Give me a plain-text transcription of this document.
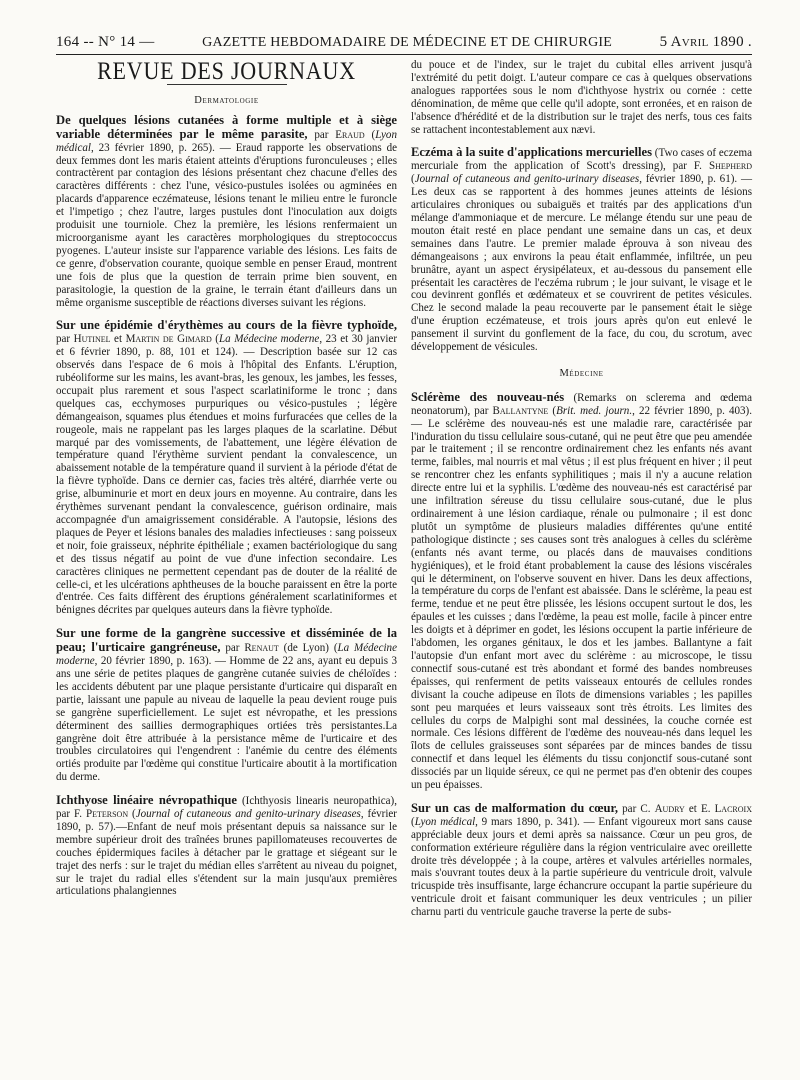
164 -- N° 14 —	GAZETTE HEBDOMADAIRE DE MÉDECINE ET DE CHIRURGIE	5 Avril 1890 .
REVUE DES JOURNAUX
Dermatologie

De quelques lésions cutanées à forme multiple et à siège variable déterminées par le même parasite, par Eraud (Lyon médical, 23 février 1890, p. 265). — Eraud rapporte les observations de deux femmes dont les maris étaient atteints d'éruptions furonculeuses ; elles contractèrent par contagion des lésions présentant chez chacune d'elles des caractères différents : chez l'une, vésico-pustules isolées ou agminées en placards d'apparence eczémateuse, lésions tenant le milieu entre le furoncle et l'impetigo ; chez l'autre, larges pustules dont l'inoculation aux doigts produisit une tourniole. Chez la première, les lésions renfermaient un microorganisme ayant les caractères morphologiques du streptococcus pyogenes. L'auteur insiste sur l'apparence variable des lésions. Les faits de ce genre, d'observation courante, quoique semble en penser Eraud, montrent une fois de plus que la question de terrain prime bien souvent, en parasitologie, la question de la graine, le terrain étant d'ailleurs dans un même organisme susceptible de réactions diverses suivant les régions.

Sur une épidémie d'érythèmes au cours de la fièvre typhoïde, par Hutinel et Martin de Gimard (La Médecine moderne, 23 et 30 janvier et 6 février 1890, p. 88, 101 et 124). — Description basée sur 12 cas observés dans l'espace de 6 mois à l'hôpital des Enfants. L'éruption, rubéoliforme sur les mains, les avant-bras, les genoux, les jambes, les fesses, occupait plus rarement et sous l'aspect scarlatiniforme le tronc ; dans quelques cas, ecchymoses purpuriques ou vésico-pustules ; légère démangeaison, squames plus étendues et moins furfuracées que celles de la rougeole, mais ne rappelant pas les larges plaques de la scarlatine. Début marqué par des vomissements, de l'abattement, une légère élévation de température quand l'érythème survient pendant la convalescence, un abaissement notable de la température quand il survient à la période d'état de la fièvre typhoïde. Dans ce dernier cas, facies très altéré, diarrhée verte ou grise, albuminurie et mort en deux jours en moyenne. Au contraire, dans les érythèmes survenant pendant la convalescence, guérison ordinaire, mais accompagnée d'un amaigrissement considérable. A l'autopsie, lésions des plaques de Peyer et lésions banales des maladies infectieuses : sang poisseux et noir, foie graisseux, néphrite épithéliale ; examen bactériologique du sang et des tissus négatif au point de vue d'une infection secondaire. Les caractères cliniques ne permettent cependant pas de douter de la réalité de celle-ci, et les ulcérations aphtheuses de la bouche paraissent en être la porte d'entrée. Ces faits diffèrent des éruptions généralement scarlatiniformes et bénignes décrites par quelques auteurs dans la fièvre typhoïde.

Sur une forme de la gangrène successive et disséminée de la peau; l'urticaire gangréneuse, par Renaut (de Lyon) (La Médecine moderne, 20 février 1890, p. 163). — Homme de 22 ans, ayant eu depuis 3 ans une série de petites plaques de gangrène cutanée suivies de chéloïdes : les accidents débutent par une plaque persistante d'urticaire qui disparaît en partie, laissant une papule au niveau de laquelle la peau devient rouge puis se gangrène superficiellement. Le sujet est névropathe, et les pressions déterminent des saillies dermographiques ortiées très persistantes.La gangrène doit être attribuée à la persistance même de l'urticaire et des troubles circulatoires qui l'engendrent : l'anémie du centre des éléments ortiés produite par l'œdème qui constitue l'urticaire aboutit à la mortification du derme.

Ichthyose linéaire névropathique (Ichthyosis linearis neuropathica), par F. Peterson (Journal of cutaneous and genito-urinary diseases, février 1890, p. 57).—Enfant de neuf mois présentant depuis sa naissance sur le membre supérieur droit des traînées brunes papillomateuses recouvertes de couches épidermiques faciles à détacher par le grattage et siégeant sur le trajet des nerfs : sur le trajet du médian elles s'arrêtent au niveau du poignet, sur le trajet du radial elles s'étendent sur la main jusqu'aux premières articulations phalangiennes

du pouce et de l'index, sur le trajet du cubital elles arrivent jusqu'à l'extrémité du petit doigt. L'auteur compare ce cas à quelques observations analogues rapportées sous le nom d'ichthyose hystrix ou cornée : cette dénomination, de même que celle qu'il adopte, sont erronées, et en raison de l'absence d'hérédité et de la distribution sur le trajet des nerfs, tous ces faits se rattachent incontestablement aux nævi.

Eczéma à la suite d'applications mercurielles (Two cases of eczema mercuriale from the application of Scott's dressing), par F. Shepherd (Journal of cutaneous and genito-urinary diseases, février 1890, p. 61). — Les deux cas se rapportent à des hommes jeunes atteints de lésions articulaires chroniques ou subaiguës et traités par des applications d'un mélange d'ammoniaque et de mercure. Le mélange étendu sur une peau de mouton était resté en place pendant une semaine dans un cas, et deux semaines dans l'autre. Le premier malade éprouva à son niveau des démangeaisons ; aux environs la peau était enflammée, infiltrée, un peu brunâtre, ayant un aspect érysipélateux, et au-dessous du pansement elle présentait les caractères de l'eczéma rubrum ; le jour suivant, le visage et le cou devinrent gonflés et œdémateux et se couvrirent de petites vésicules. Chez le second malade la peau recouverte par le pansement était le siège d'une éruption eczémateuse, et trois jours après qu'on eut enlevé le pansement il survint du gonflement de la face, du cou, du scrotum, avec développement de vésicules.

Médecine

Sclérème des nouveau-nés (Remarks on sclerema and œdema neonatorum), par Ballantyne (Brit. med. journ., 22 février 1890, p. 403). — Le sclérème des nouveau-nés est une maladie rare, caractérisée par l'induration du tissu cellulaire sous-cutané, qui ne peut être que peu amendée par le traitement ; il se rencontre ordinairement chez les enfants nés avant terme, faibles, mal nourris et mal vêtus ; il est plus fréquent en hiver ; il peut se rencontrer chez les enfants syphilitiques ; mais il n'y a aucune relation directe entre lui et la syphilis. L'œdème des nouveau-nés est caractérisé par une infiltration séreuse du tissu cellulaire sous-cutané, due le plus ordinairement à une lésion cardiaque, rénale ou pulmonaire ; il est donc plutôt un symptôme de plusieurs maladies différentes qu'une entité pathologique distincte ; ses causes sont très analogues à celles du sclérème (enfants nés avant terme, ou placés dans de mauvaises conditions hygiéniques), et le froid étant probablement la cause des lésions viscérales qui le déterminent, on l'observe souvent en hiver. Dans les deux affections, la température du corps de l'enfant est abaissée. Dans le sclérème, la peau est ferme, tendue et ne peut être plissée, les lésions occupent surtout le dos, les épaules et les cuisses ; dans l'œdème, la peau est molle, facile à pincer entre les doigts et à déprimer en godet, les lésions occupent la partie inférieure de l'abdomen, les organes génitaux, le dos et les jambes. Ballantyne a fait l'autopsie d'un enfant mort avec du sclérème : au microscope, le tissu connectif sous-cutané est très abondant et formé des bandes nombreuses épaisses, qui renferment de petits vaisseaux entourés de cellules rondes divisant la couche adipeuse en îlots de dimensions variables ; les papilles sont peu marquées et leurs vaisseaux sont très étroits. Les limites des cellules du corps de Malpighi sont mal dessinées, la couche cornée est normale. Ces lésions diffèrent de l'œdème des nouveau-nés dans lequel les îlots de cellules graisseuses sont séparées par de minces bandes de tissu connectif et dans lequel les éléments du tissu conjonctif sous-cutané sont dissociés par un liquide séreux, ce qui ne permet pas d'en obtenir des coupes un peu épaisses.

Sur un cas de malformation du cœur, par C. Audry et E. Lacroix (Lyon médical, 9 mars 1890, p. 341). — Enfant vigoureux mort sans cause appréciable deux jours et demi après sa naissance. Cœur un peu gros, de conformation extérieure régulière dans la région ventriculaire avec oreillette droite très développée ; à la coupe, artères et valvules artérielles normales, mais s'ouvrant toutes deux à la partie supérieure du ventricule droit, valvule tricuspide très insuffisante, large échancrure occupant la partie supérieure du ventricule droit et faisant communiquer les deux ventricules ; un pilier charnu parti du ventricule gauche traverse la perte de subs-
